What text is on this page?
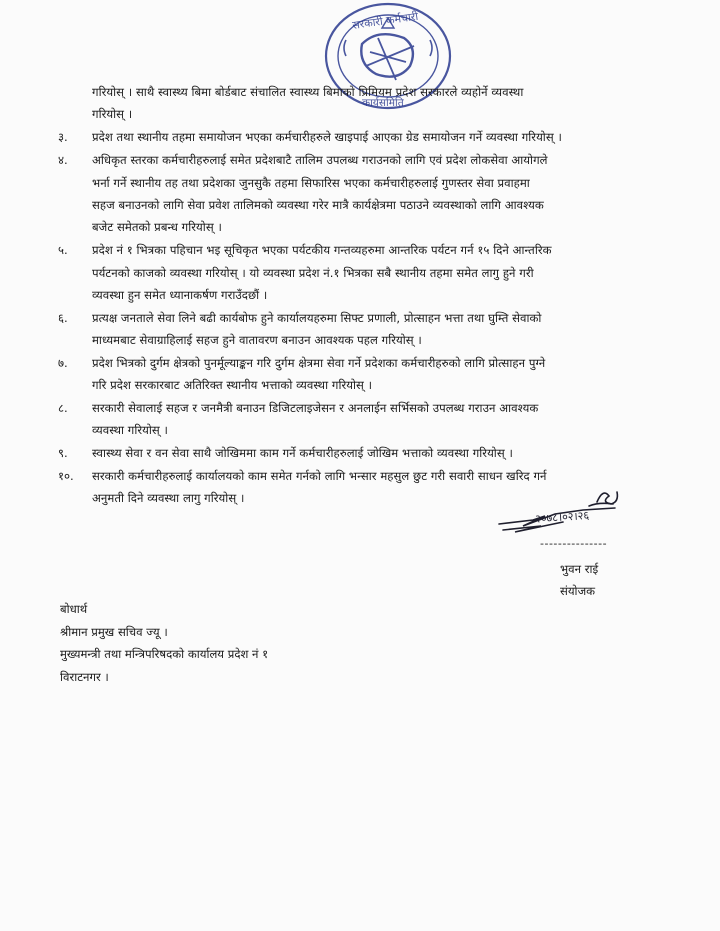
सरकारी कर्मचारी
कार्यसमिति
गरियोस् । साथै स्वास्थ्य बिमा बोर्डबाट संचालित स्वास्थ्य बिमाको प्रिमियम प्रदेश सरकारले व्यहोर्ने व्यवस्था
गरियोस् ।
३.	प्रदेश तथा स्थानीय तहमा समायोजन भएका कर्मचारीहरुले खाइपाई आएका ग्रेड समायोजन गर्ने व्यवस्था गरियोस् ।
४.	अधिकृत स्तरका कर्मचारीहरुलाई समेत प्रदेशबाटै तालिम उपलब्ध गराउनको लागि एवं प्रदेश लोकसेवा आयोगले
भर्ना गर्ने स्थानीय तह तथा प्रदेशका जुनसुकै तहमा सिफारिस भएका कर्मचारीहरुलाई गुणस्तर सेवा प्रवाहमा
सहज बनाउनको लागि सेवा प्रवेश तालिमको व्यवस्था गरेर मात्रै कार्यक्षेत्रमा पठाउने व्यवस्थाको लागि आवश्यक
बजेट समेतको प्रबन्ध गरियोस् ।
५.	प्रदेश नं १ भित्रका पहिचान भइ सूचिकृत भएका पर्यटकीय गन्तव्यहरुमा आन्तरिक पर्यटन गर्न १५ दिने आन्तरिक
पर्यटनको काजको व्यवस्था गरियोस् । यो व्यवस्था प्रदेश नं.१ भित्रका सबै स्थानीय तहमा समेत लागु हुने गरी
व्यवस्था हुन समेत ध्यानाकर्षण गराउँदछौं ।
६.	प्रत्यक्ष जनताले सेवा लिने बढी कार्यबोफ हुने कार्यालयहरुमा सिफ्ट प्रणाली, प्रोत्साहन भत्ता तथा घुम्ति सेवाको
माध्यमबाट सेवाग्राहिलाई सहज हुने वातावरण बनाउन आवश्यक पहल गरियोस् ।
७.	प्रदेश भित्रको दुर्गम क्षेत्रको पुनर्मूल्याङ्कन गरि दुर्गम क्षेत्रमा सेवा गर्ने प्रदेशका कर्मचारीहरुको लागि प्रोत्साहन पुग्ने
गरि प्रदेश सरकारबाट अतिरिक्त स्थानीय भत्ताको व्यवस्था गरियोस् ।
८.	सरकारी सेवालाई सहज र जनमैत्री बनाउन डिजिटलाइजेसन र अनलाईन सर्भिसको उपलब्ध गराउन आवश्यक
व्यवस्था गरियोस् ।
९.	स्वास्थ्य सेवा र वन सेवा साथै जोखिममा काम गर्ने कर्मचारीहरुलाई जोखिम भत्ताको व्यवस्था गरियोस् ।
१०.	सरकारी कर्मचारीहरुलाई कार्यालयको काम समेत गर्नको लागि भन्सार महसुल छुट गरी सवारी साधन खरिद गर्न
अनुमती दिने व्यवस्था लागु गरियोस् ।
२०७८।०२।२६
---------------
भुवन राई
संयोजक
बोधार्थ
श्रीमान प्रमुख सचिव ज्यू ।
मुख्यमन्त्री तथा मन्त्रिपरिषदको कार्यालय प्रदेश नं १
विराटनगर ।
